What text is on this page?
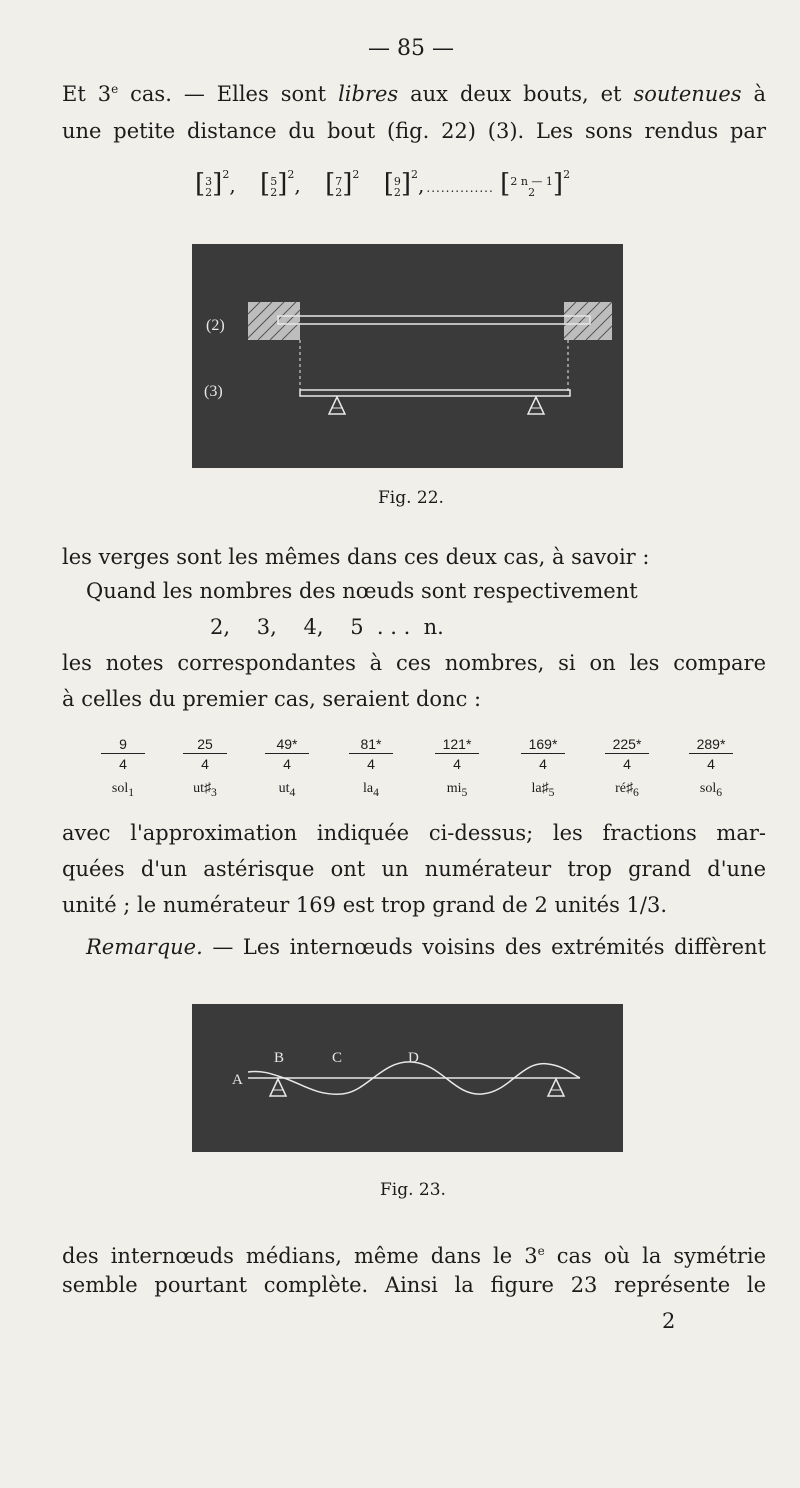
— 85 —
Et 3e cas. — Elles sont libres aux deux bouts, et soutenues à
une petite distance du bout (fig. 22) (3). Les sons rendus par
[3
2]$^2$, [5
2]$^2$, [7
2]$^2$ [9
2]$^2$, .............. [2 n — 1
2 ]$^2$
(2)
(3)
Fig. 22.
les verges sont les mêmes dans ces deux cas, à savoir :
Quand les nombres des nœuds sont respectivement
2,    3,    4,    5  . . .  n.
les notes correspondantes à ces nombres, si on les compare
à celles du premier cas, seraient donc :
9
4
sol$_1$
25
4
$ut♯_3$
49*
4
$ut_4$
81*
4
$la_4$
121*
4
$mi_5$
169*
4
$la♯_5$
225*
4
$ré♯_6$
289*
4
sol$_6$
avec l'approximation indiquée ci-dessus; les fractions mar-
quées d'un astérisque ont un numérateur trop grand d'une
unité ; le numérateur 169 est trop grand de 2 unités 1/3.
Remarque. — Les internœuds voisins des extrémités diffèrent
A
B	C	D
Fig. 23.
des internœuds médians, même dans le 3e cas où la symétrie
semble pourtant complète. Ainsi la figure 23 représente le
2
